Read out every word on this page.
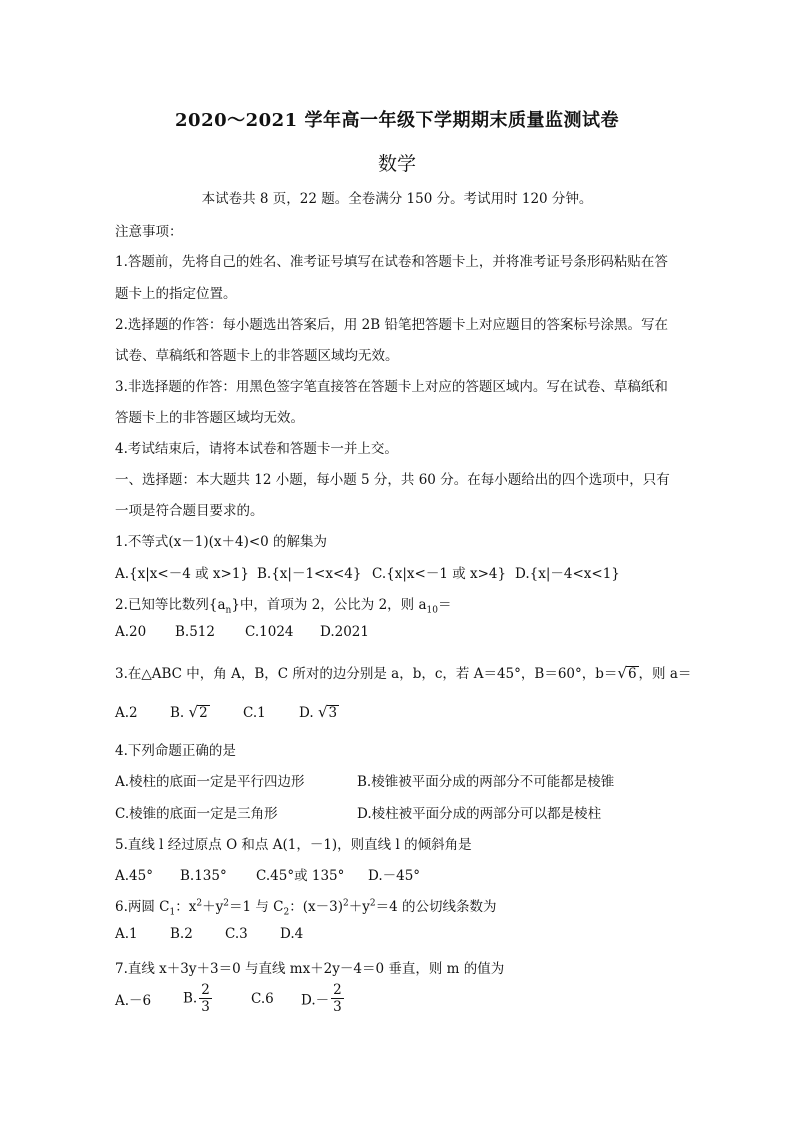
2020～2021 学年高一年级下学期期末质量监测试卷
数学
本试卷共 8 页，22 题。全卷满分 150 分。考试用时 120 分钟。
注意事项：
1.答题前，先将自己的姓名、准考证号填写在试卷和答题卡上，并将准考证号条形码粘贴在答
题卡上的指定位置。
2.选择题的作答：每小题选出答案后，用 2B 铅笔把答题卡上对应题目的答案标号涂黑。写在
试卷、草稿纸和答题卡上的非答题区域均无效。
3.非选择题的作答：用黑色签字笔直接答在答题卡上对应的答题区域内。写在试卷、草稿纸和
答题卡上的非答题区域均无效。
4.考试结束后，请将本试卷和答题卡一并上交。
一、选择题：本大题共 12 小题，每小题 5 分，共 60 分。在每小题给出的四个选项中，只有
一项是符合题目要求的。
1.不等式(x－1)(x＋4)<0 的解集为
A.{x|x<－4 或 x>1} B.{x|－1<x<4} C.{x|x<－1 或 x>4} D.{x|－4<x<1}
2.已知等比数列$\{a_n\}$中，首项为 2，公比为 2，则 $a_{10}=$
A.20 B.512 C.1024 D.2021
3.在△ABC 中，角 A，B，C 所对的边分别是 a，b，c，若 A＝45°，B＝60°，b＝√6 ，则 a＝
A.2 B. √2	C.1 D. √3
4.下列命题正确的是
A.棱柱的底面一定是平行四边形	B.棱锥被平面分成的两部分不可能都是棱锥
C.棱锥的底面一定是三角形	D.棱柱被平面分成的两部分可以都是棱柱
5.直线 l 经过原点 O 和点 A(1，－1)，则直线 l 的倾斜角是
A.45° B.135° C.45°或 135° D.－45°
6.两圆 $C_1$：$x^2+y^2=1$ 与 $C_2$：$(x-3)^2+y^2=4$ 的公切线条数为
A.1 B.2 C.3 D.4
7.直线 x＋3y＋3＝0 与直线 mx＋2y－4＝0 垂直，则 m 的值为
A.－6 B. $\frac{2}{3}$	C.6 $D.- \frac{2}{3}$
